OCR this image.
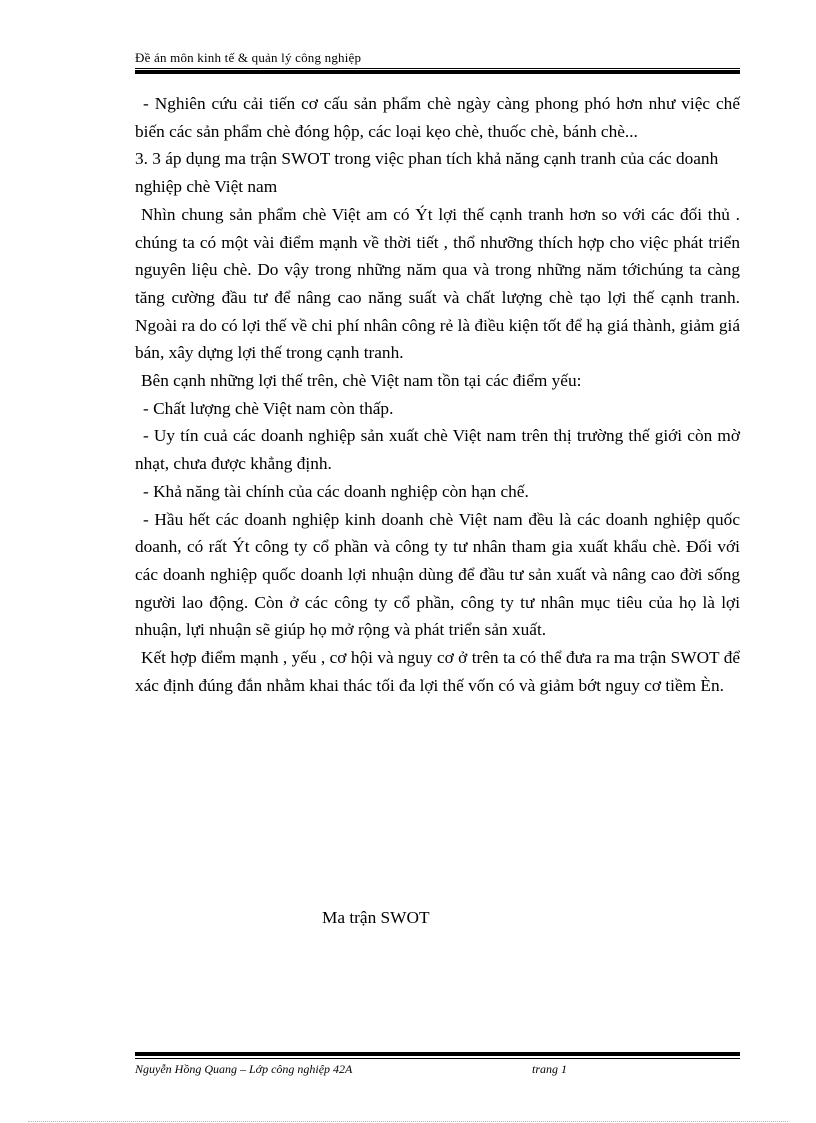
Đề án môn kinh tế & quản lý công nghiệp

- Nghiên cứu cải tiến cơ cấu sản phẩm chè ngày càng phong phó hơn như việc chế biến các sản phẩm chè đóng hộp, các loại kẹo chè, thuốc chè, bánh chè...

3. 3 áp dụng ma trận SWOT trong việc phan tích khả năng cạnh tranh của các doanh nghiệp chè Việt nam

Nhìn chung sản phẩm chè Việt am có Ýt lợi thế cạnh tranh hơn so với các đối thủ . chúng ta có một vài điểm mạnh về thời tiết , thổ nhưỡng thích hợp cho việc phát triển nguyên liệu chè. Do vậy trong những năm qua và trong những năm tớichúng ta càng tăng cường đầu tư để nâng cao năng suất và chất lượng chè tạo lợi thế cạnh tranh. Ngoài ra do có lợi thế về chi phí nhân công rẻ là điều kiện tốt để hạ giá thành, giảm giá bán, xây dựng lợi thế trong cạnh tranh.

Bên cạnh những lợi thế trên, chè Việt nam tồn tại các điểm yếu:

- Chất lượng chè Việt nam còn thấp.

- Uy tín cuả các doanh nghiệp sản xuất chè Việt nam trên thị trường thế giới còn mờ nhạt, chưa được khẳng định.

- Khả năng tài chính của các doanh nghiệp còn hạn chế.

- Hầu hết các doanh nghiệp kinh doanh chè Việt nam đều là các doanh nghiệp quốc doanh, có rất Ýt công ty cổ phần và công ty tư nhân tham gia xuất khẩu chè. Đối với các doanh nghiệp quốc doanh lợi nhuận dùng để đầu tư sản xuất và nâng cao đời sống người lao động. Còn ở các công ty cổ phần, công ty tư nhân mục tiêu của họ là lợi nhuận, lựi nhuận sẽ giúp họ mở rộng và phát triển sản xuất.

Kết hợp điểm mạnh , yếu , cơ hội và nguy cơ ở trên ta có thể đưa ra ma trận SWOT để xác định đúng đắn nhằm khai thác tối đa lợi thế vốn có và giảm bớt nguy cơ tiềm Èn.

Ma trận SWOT
Nguyễn Hồng Quang – Lớp công nghiệp 42A	trang 1
